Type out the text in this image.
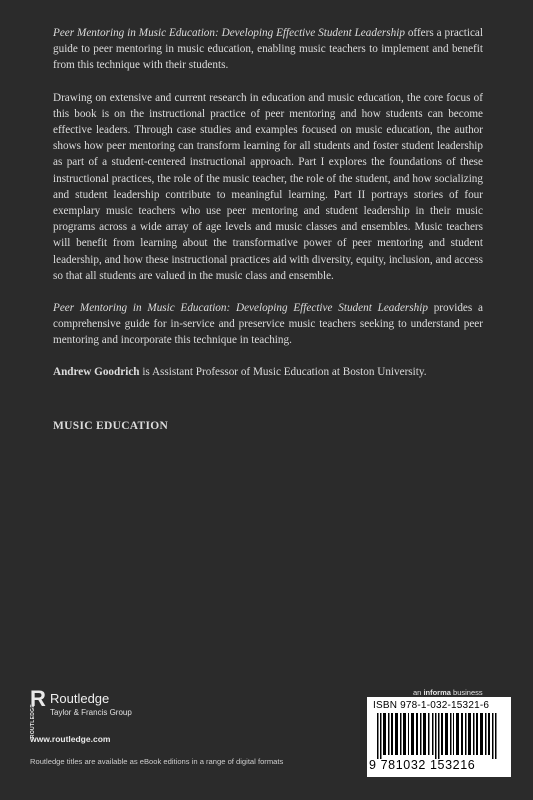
Peer Mentoring in Music Education: Developing Effective Student Leadership offers a practical guide to peer mentoring in music education, enabling music teachers to implement and benefit from this technique with their students.

Drawing on extensive and current research in education and music education, the core focus of this book is on the instructional practice of peer mentoring and how students can become effective leaders. Through case studies and examples focused on music education, the author shows how peer mentoring can transform learning for all students and foster student leadership as part of a student-centered instructional approach. Part I explores the foundations of these instructional practices, the role of the music teacher, the role of the student, and how socializing and student leadership contribute to meaningful learning. Part II portrays stories of four exemplary music teachers who use peer mentoring and student leadership in their music programs across a wide array of age levels and music classes and ensembles. Music teachers will benefit from learning about the transformative power of peer mentoring and student leadership, and how these instructional practices aid with diversity, equity, inclusion, and access so that all students are valued in the music class and ensemble.

Peer Mentoring in Music Education: Developing Effective Student Leadership provides a comprehensive guide for in-service and preservice music teachers seeking to understand peer mentoring and incorporate this technique in teaching.

Andrew Goodrich is Assistant Professor of Music Education at Boston University.
MUSIC EDUCATION
R
ROUTLEDGE
Routledge
Taylor & Francis Group
www.routledge.com
Routledge titles are available as eBook editions in a range of digital formats
an informa business
ISBN 978-1-032-15321-6
9 781032 153216
